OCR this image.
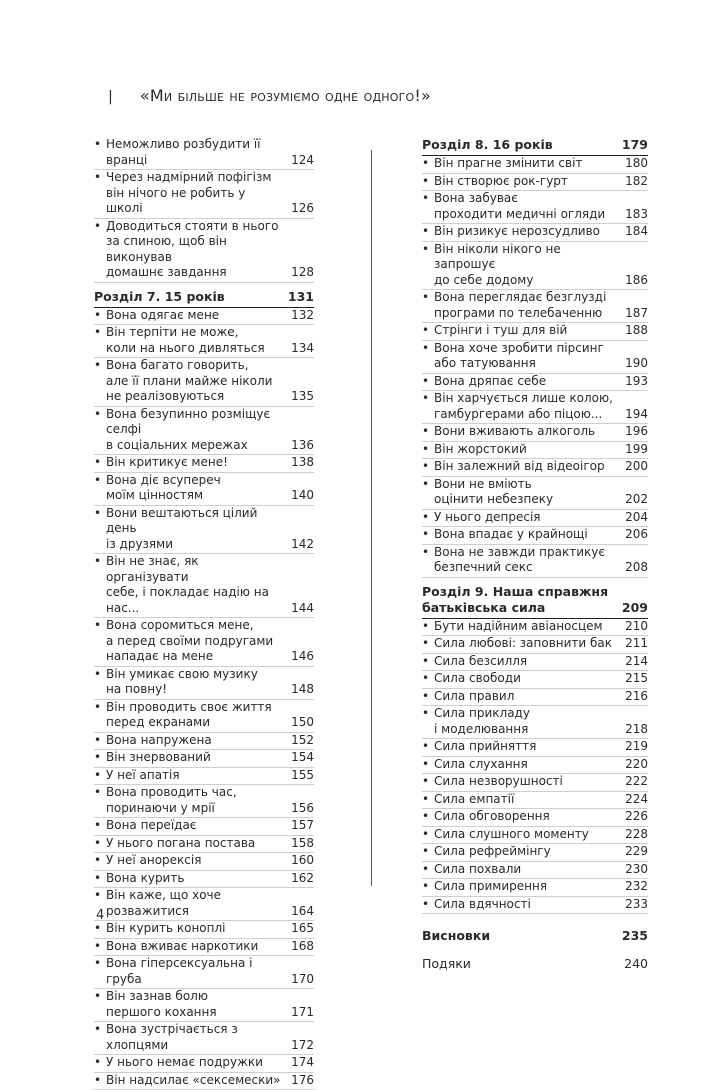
| «Ми більше не розуміємо одне одного!»
• Неможливо розбудити її вранці	124
• Через надмірний пофігізм
він нічого не робить у школі	126
• Доводиться стояти в нього
за спиною, щоб він виконував
домашнє завдання	128
Розділ 7. 15 років	131
• Вона одягає мене	132
• Він терпіти не може,
коли на нього дивляться	134
• Вона багато говорить,
але її плани майже ніколи
не реалізовуються	135
• Вона безупинно розміщує селфі
в соціальних мережах	136
• Він критикує мене!	138
• Вона діє всупереч
моїм цінностям	140
• Вони вештаються цілий день
із друзями	142
• Він не знає, як організувати
себе, і покладає надію на нас...	144
• Вона соромиться мене,
а перед своїми подругами
нападає на мене	146
• Він умикає свою музику
на повну!	148
• Він проводить своє життя
перед екранами	150
• Вона напружена	152
• Він знервований	154
• У неї апатія	155
• Вона проводить час,
поринаючи у мрії	156
• Вона переїдає	157
• У нього погана постава	158
• У неї анорексія	160
• Вона курить	162
• Він каже, що хоче
розважитися	164
• Він курить коноплі	165
• Вона вживає наркотики	168
• Вона гіперсексуальна і груба	170
• Він зазнав болю
першого кохання	171
• Вона зустрічається з хлопцями	172
• У нього немає подружки	174
• Він надсилає «сексемески» 176
Розділ 8. 16 років	179
• Він прагне змінити світ	180
• Він створює рок-гурт	182
• Вона забуває
проходити медичні огляди	183
• Він ризикує нерозсудливо	184
• Він ніколи нікого не запрошує
до себе додому	186
• Вона переглядає безглузді
програми по телебаченню	187
• Стрінги і туш для вій	188
• Вона хоче зробити пірсинг
або татуювання	190
• Вона дряпає себе	193
• Він харчується лише колою,
гамбургерами або піцою...	194
• Вони вживають алкоголь	196
• Він жорстокий	199
• Він залежний від відеоігор	200
• Вони не вміють
оцінити небезпеку	202
• У нього депресія	204
• Вона впадає у крайнощі	206
• Вона не завжди практикує
безпечний секс	208
Розділ 9. Наша справжня
батьківська сила	209
• Бути надійним авіаносцем	210
• Сила любові: заповнити бак	211
• Сила безсилля	214
• Сила свободи	215
• Сила правил	216
• Сила прикладу
і моделювання	218
• Сила прийняття	219
• Сила слухання	220
• Сила незворушності	222
• Сила емпатії	224
• Сила обговорення	226
• Сила слушного моменту	228
• Сила рефреймінгу	229
• Сила похвали	230
• Сила примирення	232
• Сила вдячності	233
Висновки	235
Подяки	240
4
